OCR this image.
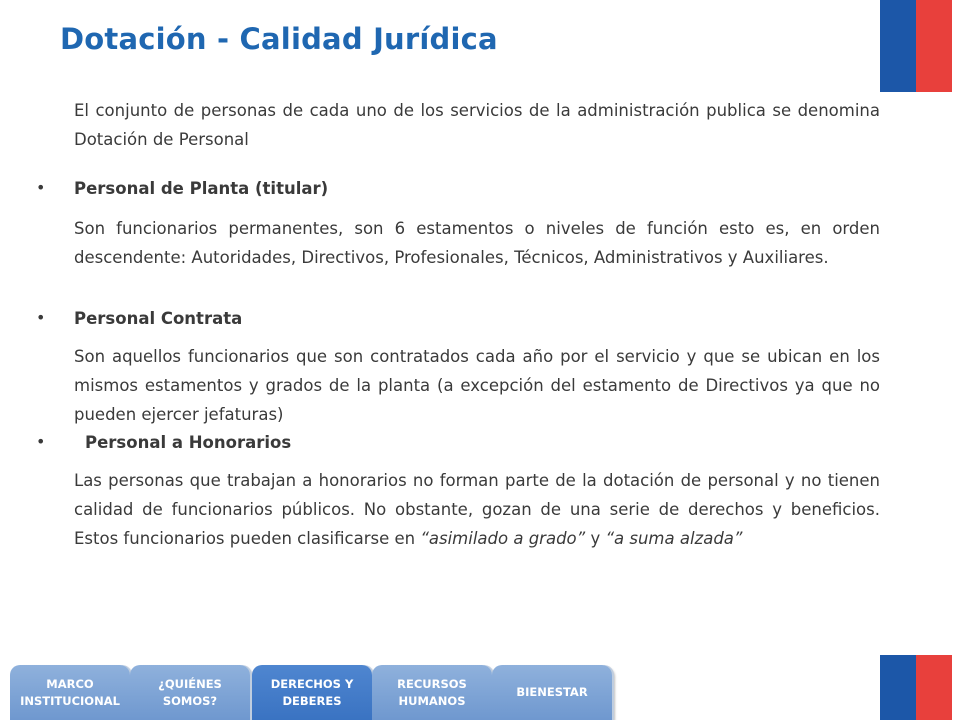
Dotación - Calidad Jurídica
El conjunto de personas de cada uno de los servicios de la administración publica se denomina Dotación de Personal
• Personal de Planta (titular)
Son funcionarios permanentes, son 6 estamentos o niveles de función esto es, en orden descendente: Autoridades, Directivos, Profesionales, Técnicos, Administrativos y Auxiliares.
• Personal Contrata
Son aquellos funcionarios que son contratados cada año por el servicio y que se ubican en los mismos estamentos y grados de la planta (a excepción del estamento de Directivos ya que no pueden ejercer jefaturas)
• Personal a Honorarios
Las personas que trabajan a honorarios no forman parte de la dotación de personal y no tienen calidad de funcionarios públicos. No obstante, gozan de una serie de derechos y beneficios. Estos funcionarios pueden clasificarse en “asimilado a grado” y “a suma alzada”
MARCO
INSTITUCIONAL
¿QUIÉNES
SOMOS?
DERECHOS Y
DEBERES
RECURSOS
HUMANOS
BIENESTAR
